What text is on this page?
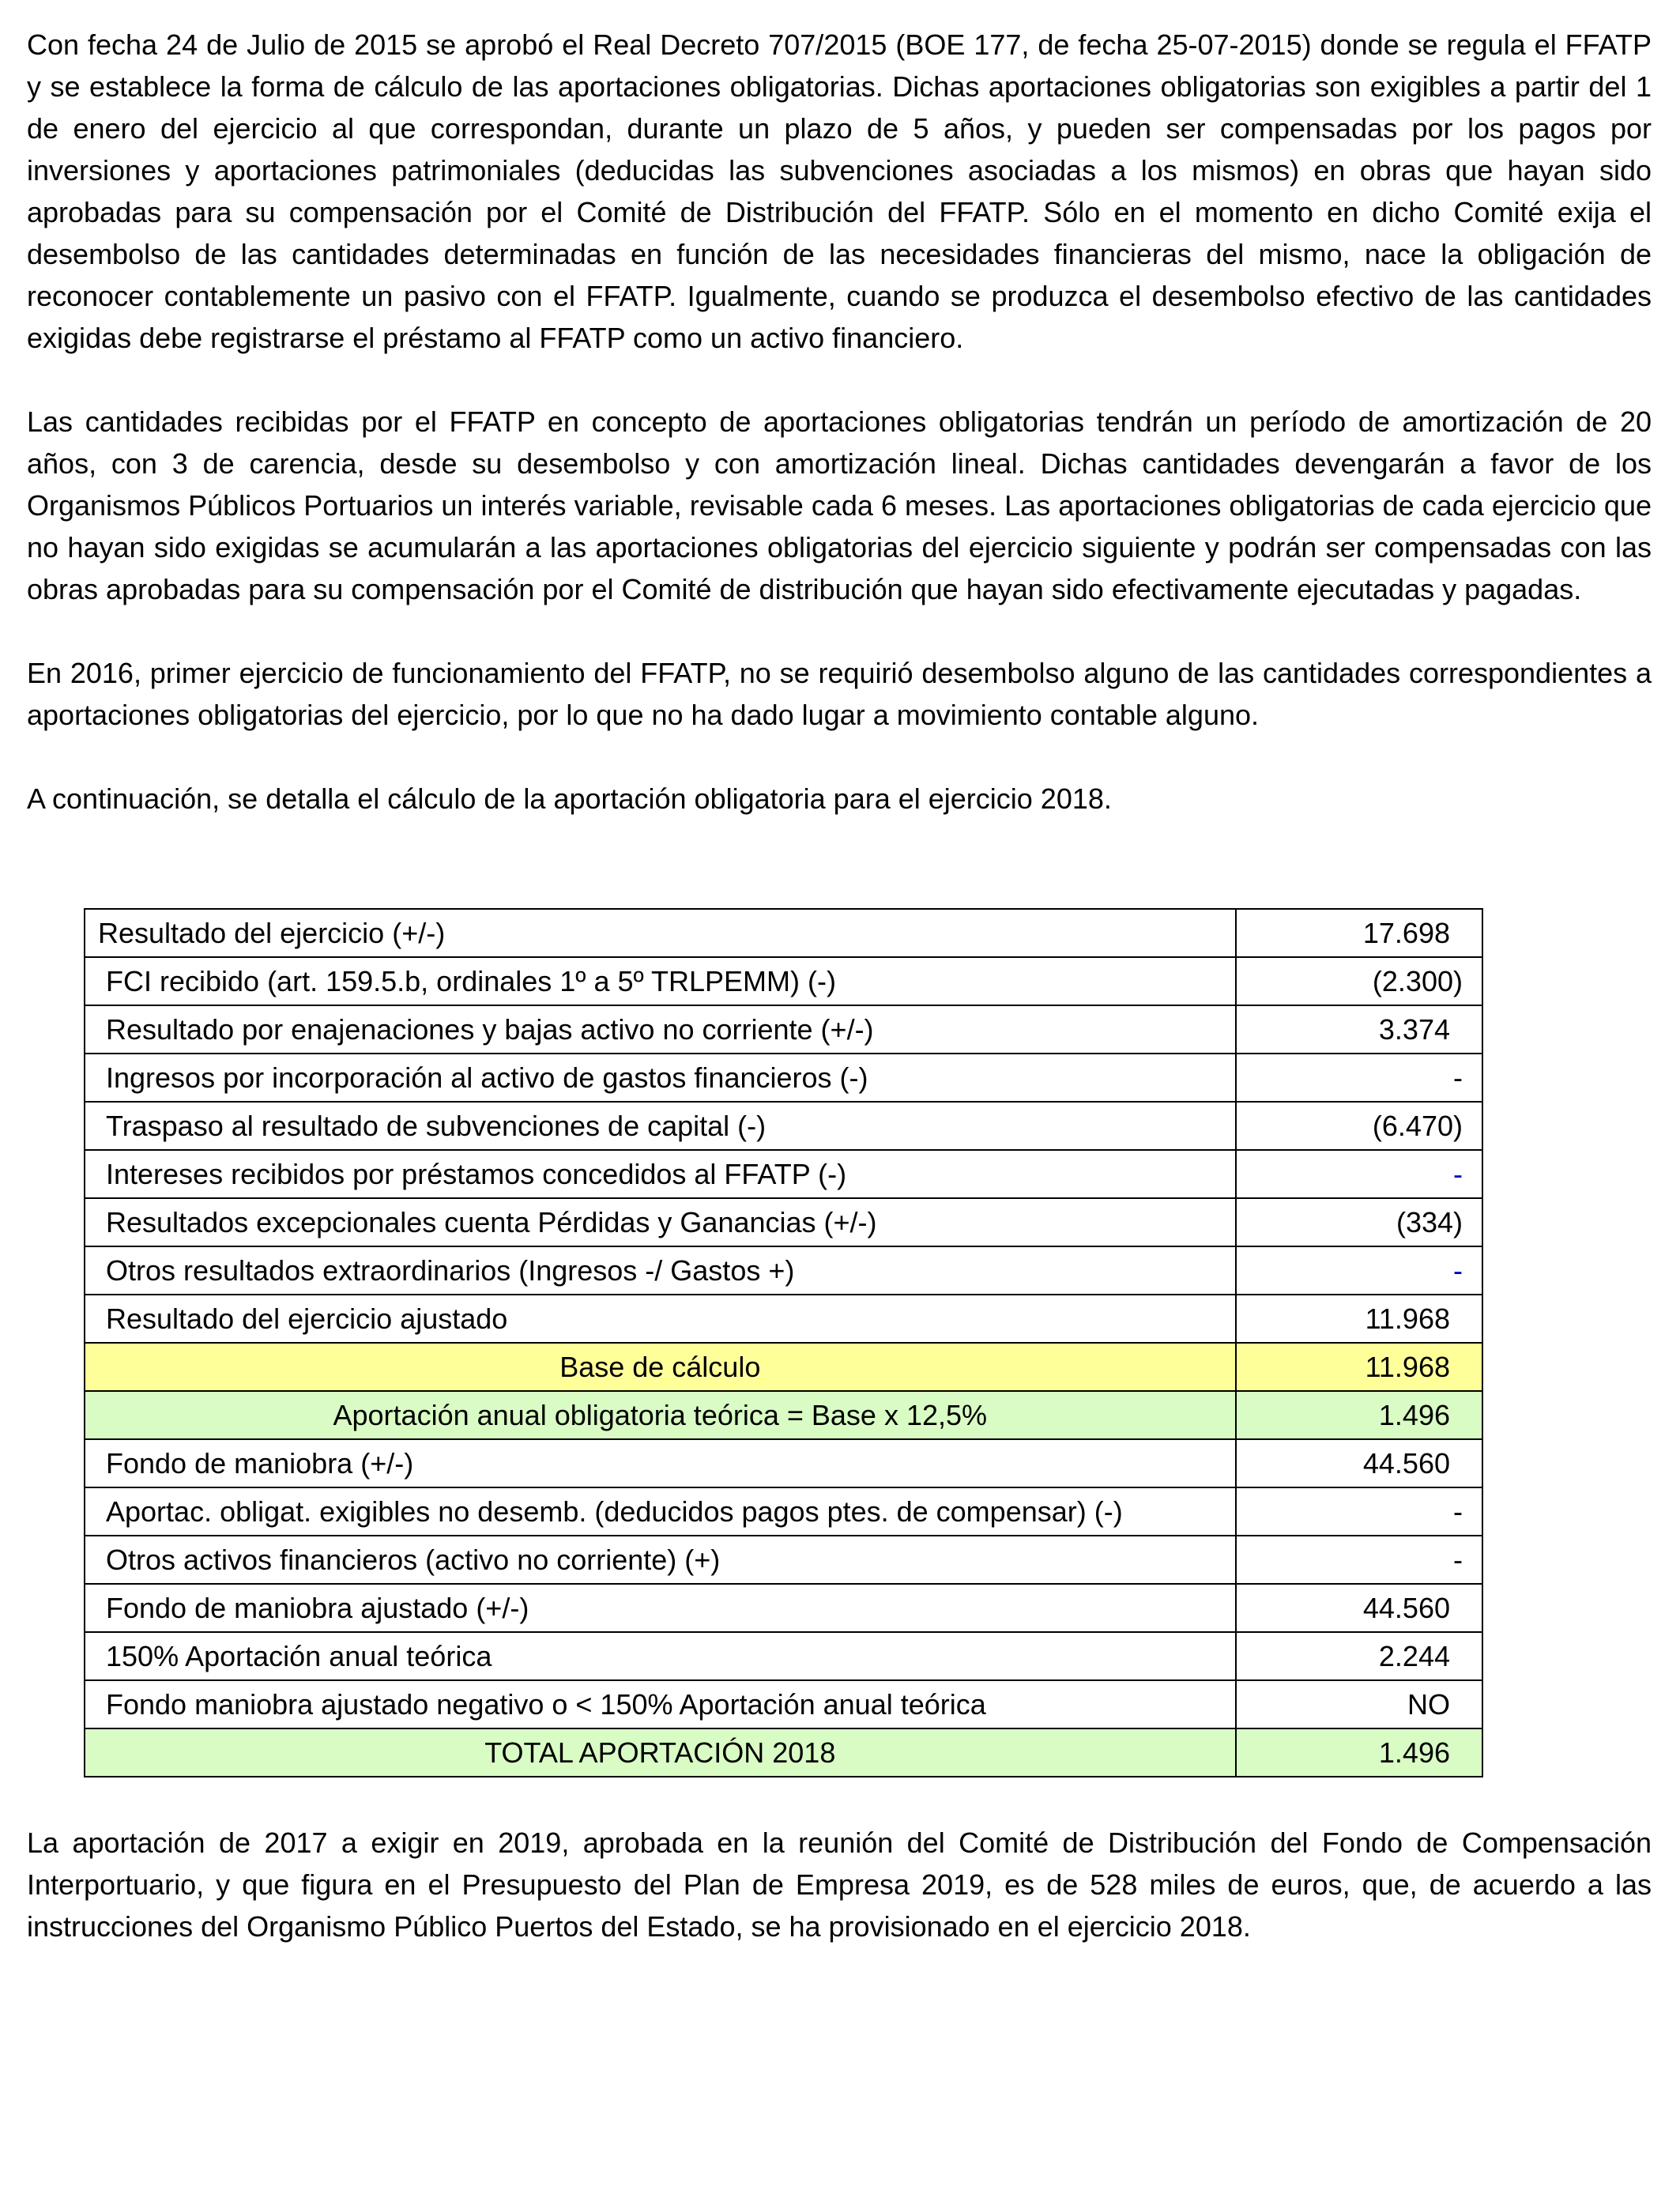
Con fecha 24 de Julio de 2015 se aprobó el Real Decreto 707/2015 (BOE 177, de fecha 25-07-2015) donde se regula el FFATP y se establece la forma de cálculo de las aportaciones obligatorias. Dichas aportaciones obligatorias son exigibles a partir del 1 de enero del ejercicio al que correspondan, durante un plazo de 5 años, y pueden ser compensadas por los pagos por inversiones y aportaciones patrimoniales (deducidas las subvenciones asociadas a los mismos) en obras que hayan sido aprobadas para su compensación por el Comité de Distribución del FFATP. Sólo en el momento en dicho Comité exija el desembolso de las cantidades determinadas en función de las necesidades financieras del mismo, nace la obligación de reconocer contablemente un pasivo con el FFATP. Igualmente, cuando se produzca el desembolso efectivo de las cantidades exigidas debe registrarse el préstamo al FFATP como un activo financiero.

Las cantidades recibidas por el FFATP en concepto de aportaciones obligatorias tendrán un período de amortización de 20 años, con 3 de carencia, desde su desembolso y con amortización lineal. Dichas cantidades devengarán a favor de los Organismos Públicos Portuarios un interés variable, revisable cada 6 meses. Las aportaciones obligatorias de cada ejercicio que no hayan sido exigidas se acumularán a las aportaciones obligatorias del ejercicio siguiente y podrán ser compensadas con las obras aprobadas para su compensación por el Comité de distribución que hayan sido efectivamente ejecutadas y pagadas.

En 2016, primer ejercicio de funcionamiento del FFATP, no se requirió desembolso alguno de las cantidades correspondientes a aportaciones obligatorias del ejercicio, por lo que no ha dado lugar a movimiento contable alguno.

A continuación, se detalla el cálculo de la aportación obligatoria para el ejercicio 2018.

Resultado del ejercicio (+/-)	17.698
FCI recibido (art. 159.5.b, ordinales 1º a 5º TRLPEMM) (-)	(2.300)
Resultado por enajenaciones y bajas activo no corriente (+/-)	3.374
Ingresos por incorporación al activo de gastos financieros (-)	-
Traspaso al resultado de subvenciones de capital (-)	(6.470)
Intereses recibidos por préstamos concedidos al FFATP (-)	-
Resultados excepcionales cuenta Pérdidas y Ganancias (+/-)	(334)
Otros resultados extraordinarios (Ingresos -/ Gastos +)	-
Resultado del ejercicio ajustado	11.968
Base de cálculo	11.968
Aportación anual obligatoria teórica = Base x 12,5%	1.496
Fondo de maniobra (+/-)	44.560
Aportac. obligat. exigibles no desemb. (deducidos pagos ptes. de compensar) (-)	-
Otros activos financieros (activo no corriente) (+)	-
Fondo de maniobra ajustado (+/-)	44.560
150% Aportación anual teórica	2.244
Fondo maniobra ajustado negativo o < 150% Aportación anual teórica	NO
TOTAL APORTACIÓN 2018	1.496

La aportación de 2017 a exigir en 2019, aprobada en la reunión del Comité de Distribución del Fondo de Compensación Interportuario, y que figura en el Presupuesto del Plan de Empresa 2019, es de 528 miles de euros, que, de acuerdo a las instrucciones del Organismo Público Puertos del Estado, se ha provisionado en el ejercicio 2018.
